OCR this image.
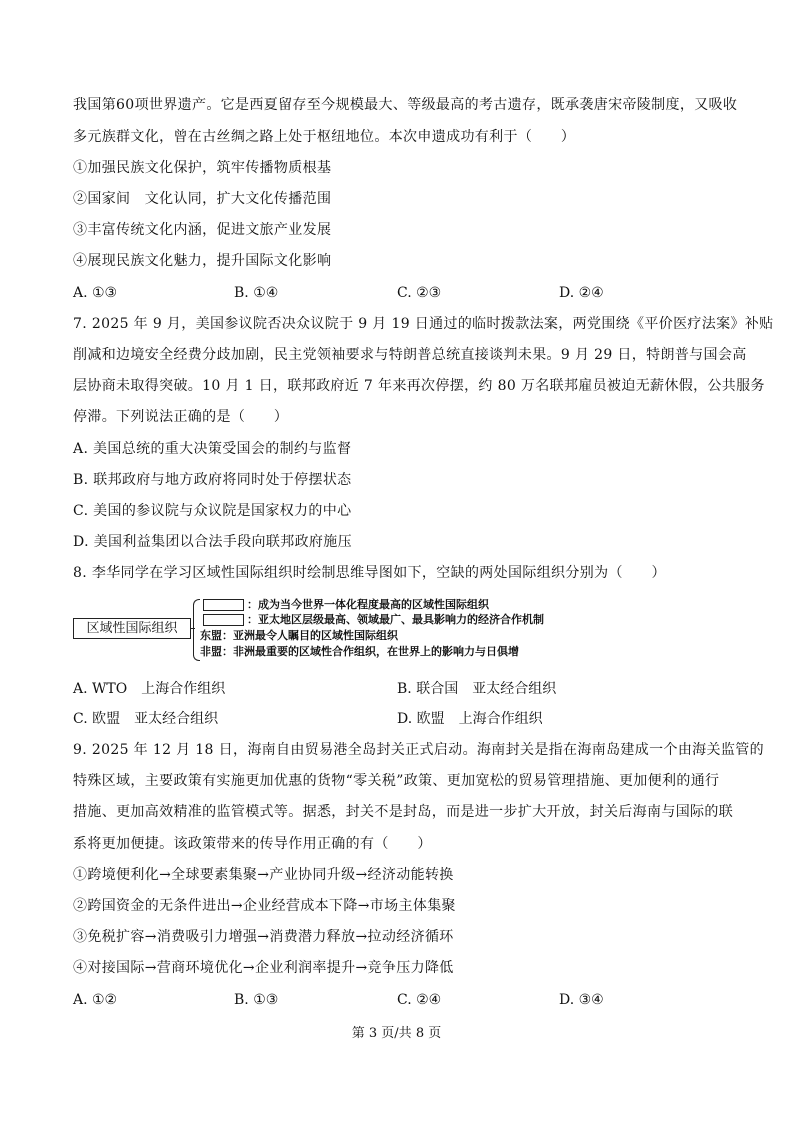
我国第60项世界遗产。它是西夏留存至今规模最大、等级最高的考古遗存，既承袭唐宋帝陵制度，又吸收
多元族群文化，曾在古丝绸之路上处于枢纽地位。本次申遗成功有利于（　　）
①加强民族文化保护，筑牢传播物质根基
②国家间　文化认同，扩大文化传播范围
③丰富传统文化内涵，促进文旅产业发展
④展现民族文化魅力，提升国际文化影响
A. ①③	B. ①④	C. ②③	D. ②④
7. 2025 年 9 月，美国参议院否决众议院于 9 月 19 日通过的临时拨款法案，两党围绕《平价医疗法案》补贴
削减和边境安全经费分歧加剧，民主党领袖要求与特朗普总统直接谈判未果。9 月 29 日，特朗普与国会高
层协商未取得突破。10 月 1 日，联邦政府近 7 年来再次停摆，约 80 万名联邦雇员被迫无薪休假，公共服务
停滞。下列说法正确的是（　　）
A. 美国总统的重大决策受国会的制约与监督
B. 联邦政府与地方政府将同时处于停摆状态
C. 美国的参议院与众议院是国家权力的中心
D. 美国利益集团以合法手段向联邦政府施压
8. 李华同学在学习区域性国际组织时绘制思维导图如下，空缺的两处国际组织分别为（　　）
区域性国际组织
：成为当今世界一体化程度最高的区域性国际组织
：亚太地区层级最高、领域最广、最具影响力的经济合作机制
东盟：亚洲最令人瞩目的区域性国际组织
非盟：非洲最重要的区域性合作组织，在世界上的影响力与日俱增
A. WTO　上海合作组织	B. 联合国　亚太经合组织
C. 欧盟　亚太经合组织	D. 欧盟　上海合作组织
9. 2025 年 12 月 18 日，海南自由贸易港全岛封关正式启动。海南封关是指在海南岛建成一个由海关监管的
特殊区域，主要政策有实施更加优惠的货物“零关税”政策、更加宽松的贸易管理措施、更加便利的通行
措施、更加高效精准的监管模式等。据悉，封关不是封岛，而是进一步扩大开放，封关后海南与国际的联
系将更加便捷。该政策带来的传导作用正确的有（　　）
①跨境便利化→全球要素集聚→产业协同升级→经济动能转换
②跨国资金的无条件进出→企业经营成本下降→市场主体集聚
③免税扩容→消费吸引力增强→消费潜力释放→拉动经济循环
④对接国际→营商环境优化→企业利润率提升→竞争压力降低
A. ①②	B. ①③	C. ②④	D. ③④
第 3 页/共 8 页
